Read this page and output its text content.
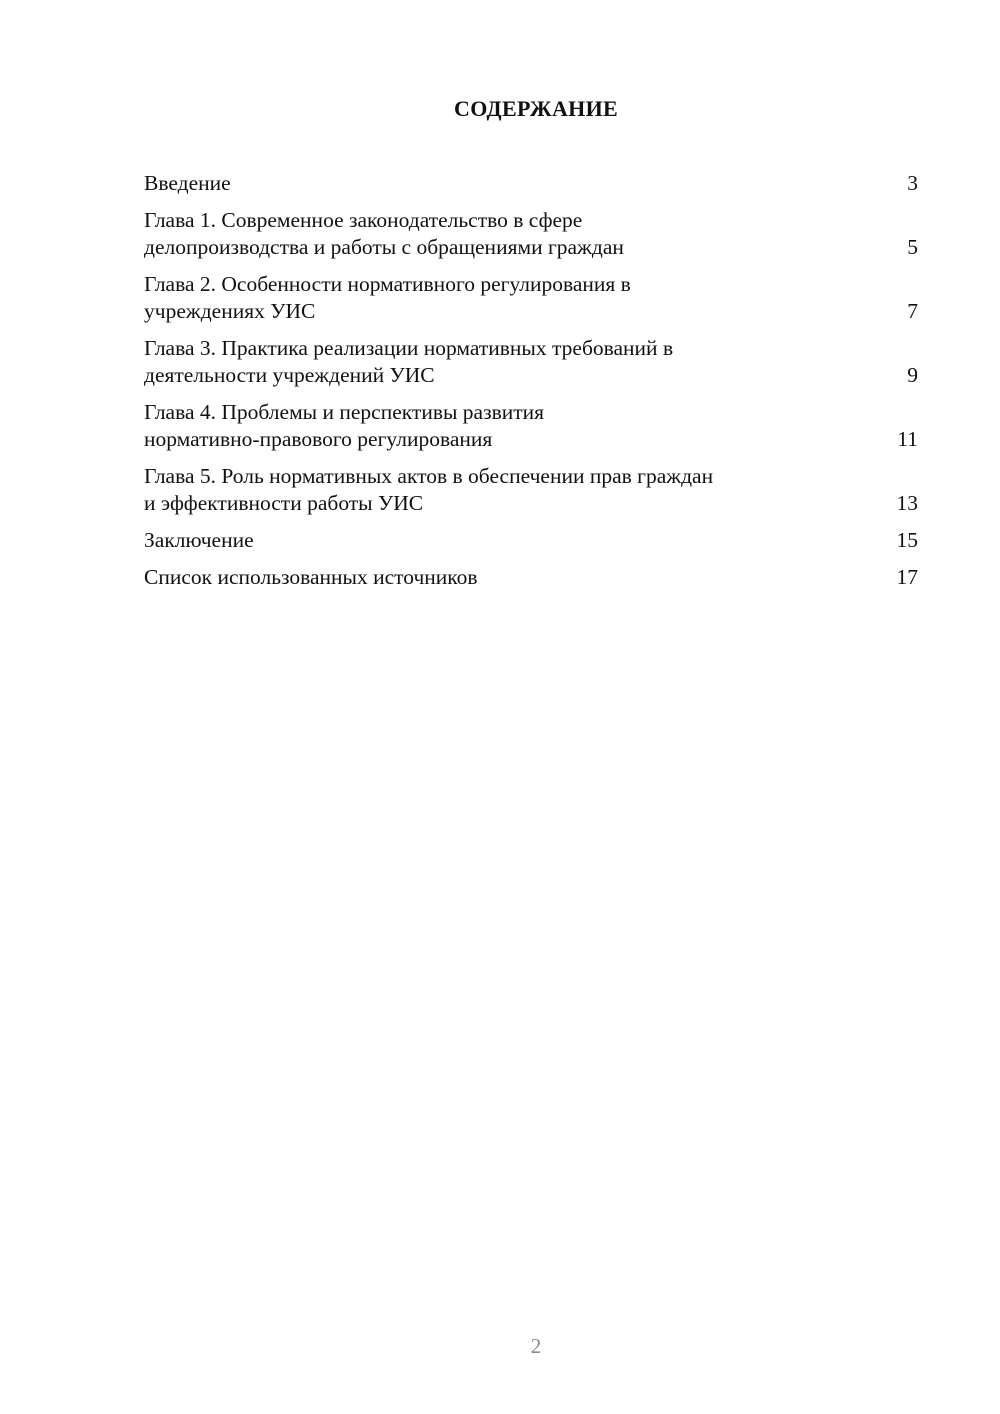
СОДЕРЖАНИЕ
Введение	3
Глава 1. Современное законодательство в сфере
делопроизводства и работы с обращениями граждан	5
Глава 2. Особенности нормативного регулирования в
учреждениях УИС	7
Глава 3. Практика реализации нормативных требований в
деятельности учреждений УИС	9
Глава 4. Проблемы и перспективы развития
нормативно-правового регулирования	11
Глава 5. Роль нормативных актов в обеспечении прав граждан
и эффективности работы УИС	13
Заключение	15
Список использованных источников	17
2
